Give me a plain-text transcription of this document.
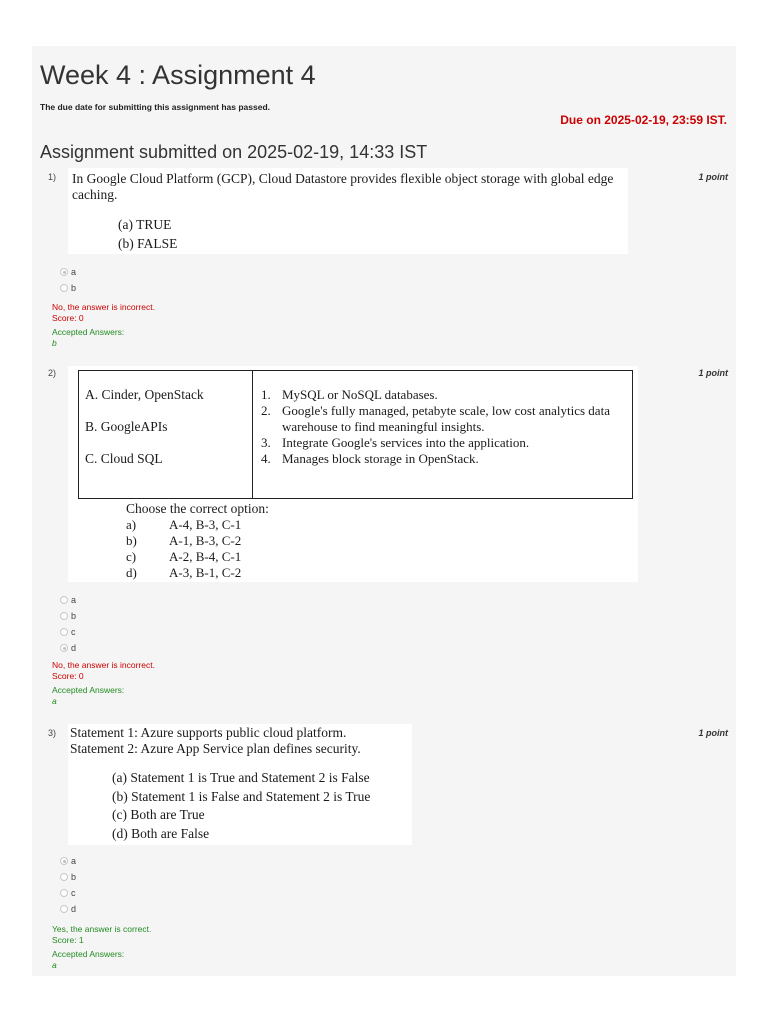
Week 4 : Assignment 4
The due date for submitting this assignment has passed.
Due on 2025-02-19, 23:59 IST.
Assignment submitted on 2025-02-19, 14:33 IST
1)	1 point
In Google Cloud Platform (GCP), Cloud Datastore provides flexible object storage with global edge caching.
(a) TRUE
(b) FALSE
a
b
No, the answer is incorrect.
Score: 0
Accepted Answers:
b
2)	1 point
A. Cinder, OpenStack
B. GoogleAPIs
C. Cloud SQL
1. MySQL or NoSQL databases.
2. Google's fully managed, petabyte scale, low cost analytics data warehouse to find meaningful insights.
3. Integrate Google's services into the application.
4. Manages block storage in OpenStack.
Choose the correct option:
a)	A-4, B-3, C-1
b)	A-1, B-3, C-2
c)	A-2, B-4, C-1
d)	A-3, B-1, C-2
a
b
c
d
No, the answer is incorrect.
Score: 0
Accepted Answers:
a
3)	1 point
Statement 1: Azure supports public cloud platform.
Statement 2: Azure App Service plan defines security.
(a) Statement 1 is True and Statement 2 is False
(b) Statement 1 is False and Statement 2 is True
(c) Both are True
(d) Both are False
a
b
c
d
Yes, the answer is correct.
Score: 1
Accepted Answers:
a
